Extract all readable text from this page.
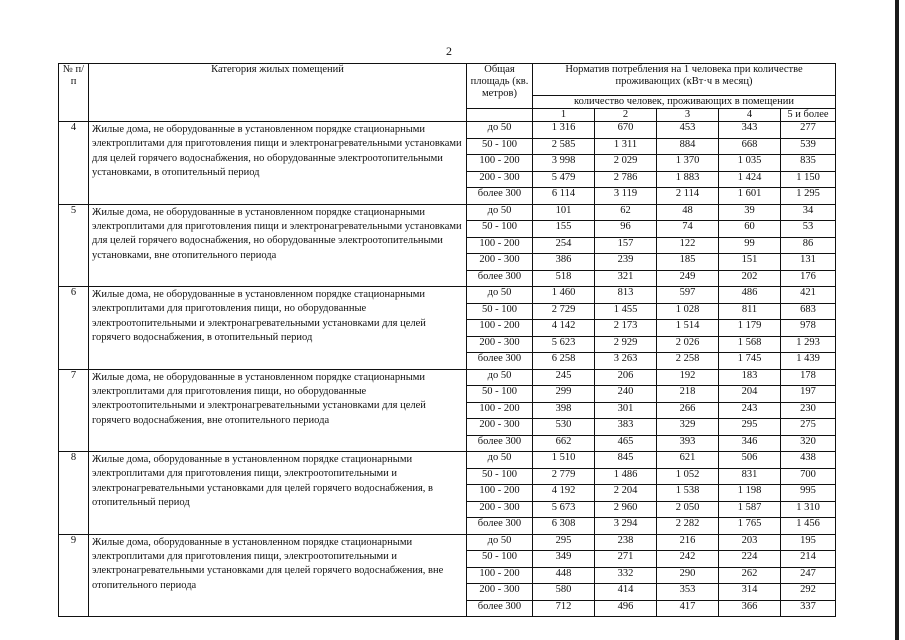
2
№ п/п	Категория жилых помещений	Общая площадь (кв. метров)	Норматив потребления на 1 человека при количестве проживающих (кВт·ч в месяц)				
			количество человек, проживающих в помещении				
			1	2	3	4	5 и более
4	Жилые дома, не оборудованные в установленном порядке стационарными электроплитами для приготовления пищи и электронагревательными установками для целей горячего водоснабжения, но оборудованные электроотопительными установками, в отопительный период	до 50	1 316	670	453	343	277
		50 - 100	2 585	1 311	884	668	539
		100 - 200	3 998	2 029	1 370	1 035	835
		200 - 300	5 479	2 786	1 883	1 424	1 150
		более 300	6 114	3 119	2 114	1 601	1 295
5	Жилые дома, не оборудованные в установленном порядке стационарными электроплитами для приготовления пищи и электронагревательными установками для целей горячего водоснабжения, но оборудованные электроотопительными установками, вне отопительного периода	до 50	101	62	48	39	34
		50 - 100	155	96	74	60	53
		100 - 200	254	157	122	99	86
		200 - 300	386	239	185	151	131
		более 300	518	321	249	202	176
6	Жилые дома, не оборудованные в установленном порядке стационарными электроплитами для приготовления пищи, но оборудованные электроотопительными и электронагревательными установками для целей горячего водоснабжения, в отопительный период	до 50	1 460	813	597	486	421
		50 - 100	2 729	1 455	1 028	811	683
		100 - 200	4 142	2 173	1 514	1 179	978
		200 - 300	5 623	2 929	2 026	1 568	1 293
		более 300	6 258	3 263	2 258	1 745	1 439
7	Жилые дома, не оборудованные в установленном порядке стационарными электроплитами для приготовления пищи, но оборудованные электроотопительными и электронагревательными установками для целей горячего водоснабжения, вне отопительного периода	до 50	245	206	192	183	178
		50 - 100	299	240	218	204	197
		100 - 200	398	301	266	243	230
		200 - 300	530	383	329	295	275
		более 300	662	465	393	346	320
8	Жилые дома, оборудованные в установленном порядке стационарными электроплитами для приготовления пищи, электроотопительными и электронагревательными установками для целей горячего водоснабжения, в отопительный период	до 50	1 510	845	621	506	438
		50 - 100	2 779	1 486	1 052	831	700
		100 - 200	4 192	2 204	1 538	1 198	995
		200 - 300	5 673	2 960	2 050	1 587	1 310
		более 300	6 308	3 294	2 282	1 765	1 456
9	Жилые дома, оборудованные в установленном порядке стационарными электроплитами для приготовления пищи, электроотопительными и электронагревательными установками для целей горячего водоснабжения, вне отопительного периода	до 50	295	238	216	203	195
		50 - 100	349	271	242	224	214
		100 - 200	448	332	290	262	247
		200 - 300	580	414	353	314	292
		более 300	712	496	417	366	337
